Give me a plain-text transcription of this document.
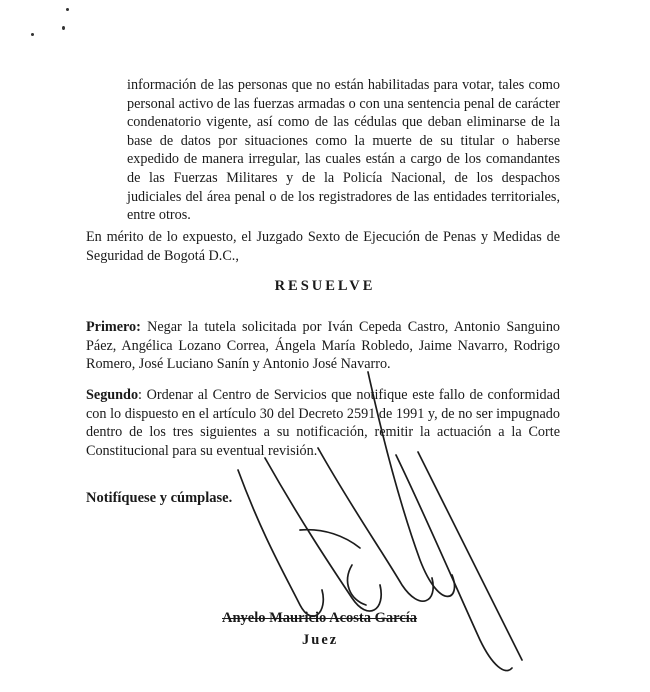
información de las personas que no están habilitadas para votar, tales como personal activo de las fuerzas armadas o con una sentencia penal de carácter condenatorio vigente, así como de las cédulas que deban eliminarse de la base de datos por situaciones como la muerte de su titular o haberse expedido de manera irregular, las cuales están a cargo de los comandantes de las Fuerzas Militares y de la Policía Nacional, de los despachos judiciales del área penal o de los registradores de las entidades territoriales, entre otros.

En mérito de lo expuesto, el Juzgado Sexto de Ejecución de Penas y Medidas de Seguridad de Bogotá D.C.,

RESUELVE

Primero: Negar la tutela solicitada por Iván Cepeda Castro, Antonio Sanguino Páez, Angélica Lozano Correa, Ángela María Robledo, Jaime Navarro, Rodrigo Romero, José Luciano Sanín y Antonio José Navarro.

Segundo: Ordenar al Centro de Servicios que notifique este fallo de conformidad con lo dispuesto en el artículo 30 del Decreto 2591 de 1991 y, de no ser impugnado dentro de los tres siguientes a su notificación, remitir la actuación a la Corte Constitucional para su eventual revisión.

Notifíquese y cúmplase.

Anyelo Mauricio Acosta García

Juez
